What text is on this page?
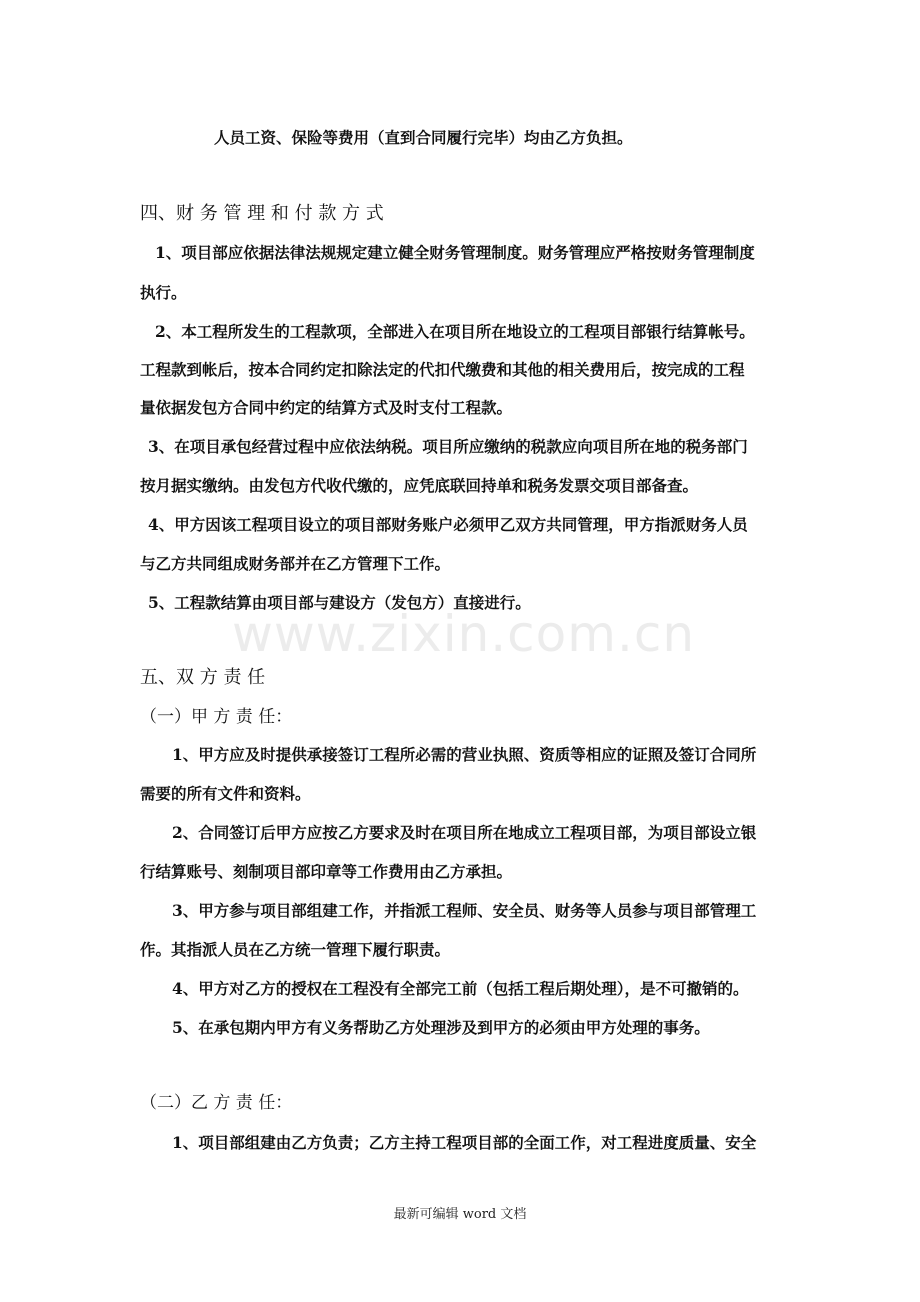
www.zixin.com.cn
人员工资、保险等费用（直到合同履行完毕）均由乙方负担。
四、财 务 管 理 和 付 款 方 式
1、项目部应依据法律法规规定建立健全财务管理制度。财务管理应严格按财务管理制度
执行。
2、本工程所发生的工程款项，全部进入在项目所在地设立的工程项目部银行结算帐号。
工程款到帐后，按本合同约定扣除法定的代扣代缴费和其他的相关费用后，按完成的工程
量依据发包方合同中约定的结算方式及时支付工程款。
3、在项目承包经营过程中应依法纳税。项目所应缴纳的税款应向项目所在地的税务部门
按月据实缴纳。由发包方代收代缴的，应凭底联回持单和税务发票交项目部备查。
4、甲方因该工程项目设立的项目部财务账户必须甲乙双方共同管理，甲方指派财务人员
与乙方共同组成财务部并在乙方管理下工作。
5、工程款结算由项目部与建设方（发包方）直接进行。
五、双 方 责 任
（一）甲 方 责 任：
1、甲方应及时提供承接签订工程所必需的营业执照、资质等相应的证照及签订合同所
需要的所有文件和资料。
2、合同签订后甲方应按乙方要求及时在项目所在地成立工程项目部，为项目部设立银
行结算账号、刻制项目部印章等工作费用由乙方承担。
3、甲方参与项目部组建工作，并指派工程师、安全员、财务等人员参与项目部管理工
作。其指派人员在乙方统一管理下履行职责。
4、甲方对乙方的授权在工程没有全部完工前（包括工程后期处理），是不可撤销的。
5、在承包期内甲方有义务帮助乙方处理涉及到甲方的必须由甲方处理的事务。
（二）乙 方 责 任：
1、项目部组建由乙方负责；乙方主持工程项目部的全面工作，对工程进度质量、安全
最新可编辑 word 文档
